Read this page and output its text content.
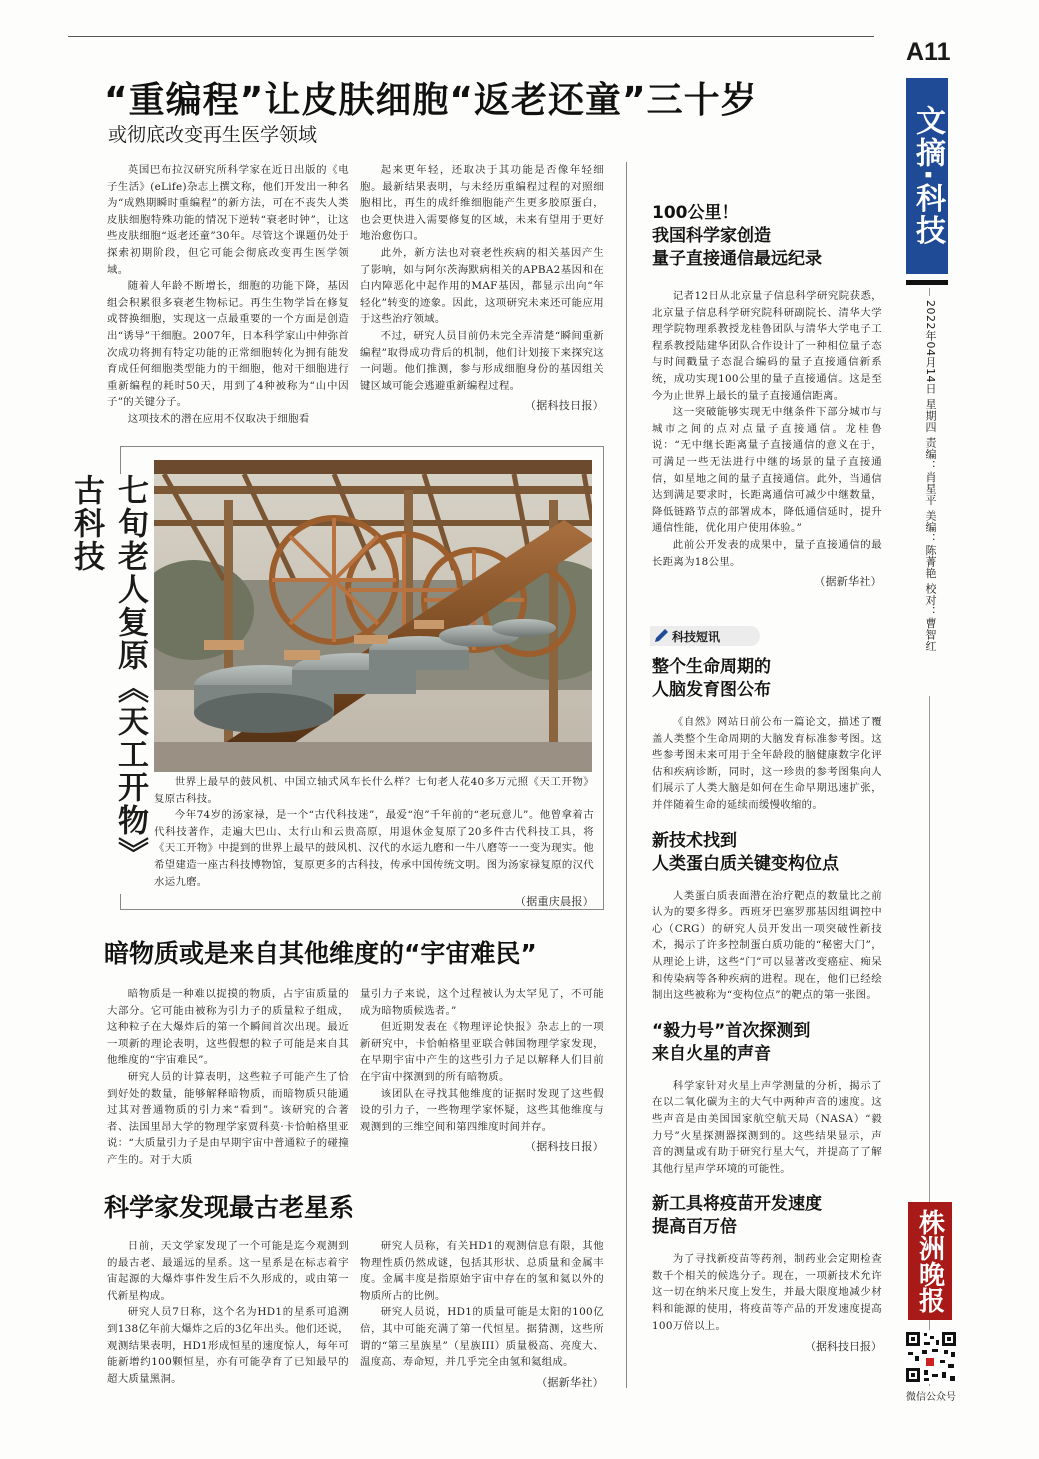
A11
文摘·科技
2022年04月14日 星期四 责编：肖星平 美编：陈菁艳 校对：曹智红
株洲晚报
微信公众号
“重编程”让皮肤细胞“返老还童”三十岁
或彻底改变再生医学领域

英国巴布拉汉研究所科学家在近日出版的《电子生活》(eLife)杂志上撰文称，他们开发出一种名为“成熟期瞬时重编程”的新方法，可在不丧失人类皮肤细胞特殊功能的情况下逆转“衰老时钟”，让这些皮肤细胞“返老还童”30年。尽管这个课题仍处于探索初期阶段，但它可能会彻底改变再生医学领域。

随着人年龄不断增长，细胞的功能下降，基因组会积累很多衰老生物标记。再生生物学旨在修复或替换细胞，实现这一点最重要的一个方面是创造出“诱导”干细胞。2007年，日本科学家山中伸弥首次成功将拥有特定功能的正常细胞转化为拥有能发育成任何细胞类型能力的干细胞，他对干细胞进行重新编程的耗时50天，用到了4种被称为“山中因子”的关键分子。

这项技术的潜在应用不仅取决于细胞看

起来更年轻，还取决于其功能是否像年轻细胞。最新结果表明，与未经历重编程过程的对照细胞相比，再生的成纤维细胞能产生更多胶原蛋白，也会更快进入需要修复的区域，未来有望用于更好地治愈伤口。

此外，新方法也对衰老性疾病的相关基因产生了影响，如与阿尔茨海默病相关的APBA2基因和在白内障恶化中起作用的MAF基因，都显示出向“年轻化”转变的迹象。因此，这项研究未来还可能应用于这些治疗领域。

不过，研究人员目前仍未完全弄清楚“瞬间重新编程”取得成功背后的机制，他们计划接下来探究这一问题。他们推测，参与形成细胞身份的基因组关键区域可能会逃避重新编程过程。

（据科技日报）
七旬老人复原《天工开物》古科技

世界上最早的鼓风机、中国立轴式风车长什么样？七旬老人花40多万元照《天工开物》复原古科技。

今年74岁的汤家禄，是一个“古代科技迷”，最爱“泡”千年前的“老玩意儿”。他曾拿着古代科技著作，走遍大巴山、太行山和云贵高原，用退休金复原了20多件古代科技工具，将《天工开物》中提到的世界上最早的鼓风机、汉代的水运九磨和一牛八磨等一一变为现实。他希望建造一座古科技博物馆，复原更多的古科技，传承中国传统文明。图为汤家禄复原的汉代水运九磨。

（据重庆晨报）
暗物质或是来自其他维度的“宇宙难民”

暗物质是一种难以捉摸的物质，占宇宙质量的大部分。它可能由被称为引力子的质量粒子组成，这种粒子在大爆炸后的第一个瞬间首次出现。最近一项新的理论表明，这些假想的粒子可能是来自其他维度的“宇宙难民”。

研究人员的计算表明，这些粒子可能产生了恰到好处的数量，能够解释暗物质，而暗物质只能通过其对普通物质的引力来“看到”。该研究的合著者、法国里昂大学的物理学家贾科莫·卡恰帕格里亚说：“大质量引力子是由早期宇宙中普通粒子的碰撞产生的。对于大质

量引力子来说，这个过程被认为太罕见了，不可能成为暗物质候选者。”

但近期发表在《物理评论快报》杂志上的一项新研究中，卡恰帕格里亚联合韩国物理学家发现，在早期宇宙中产生的这些引力子足以解释人们目前在宇宙中探测到的所有暗物质。

该团队在寻找其他维度的证据时发现了这些假设的引力子，一些物理学家怀疑，这些其他维度与观测到的三维空间和第四维度时间并存。

（据科技日报）
科学家发现最古老星系

日前，天文学家发现了一个可能是迄今观测到的最古老、最遥远的星系。这一星系是在标志着宇宙起源的大爆炸事件发生后不久形成的，或由第一代新星构成。

研究人员7日称，这个名为HD1的星系可追溯到138亿年前大爆炸之后的3亿年出头。他们还说，观测结果表明，HD1形成恒星的速度惊人，每年可能新增约100颗恒星，亦有可能孕育了已知最早的超大质量黑洞。

研究人员称，有关HD1的观测信息有限，其他物理性质仍然成谜，包括其形状、总质量和金属丰度。金属丰度是指原始宇宙中存在的氢和氦以外的物质所占的比例。

研究人员说，HD1的质量可能是太阳的100亿倍，其中可能充满了第一代恒星。据猜测，这些所谓的“第三星族星”（星族III）质量极高、亮度大、温度高、寿命短，并几乎完全由氢和氦组成。

（据新华社）
100公里！
我国科学家创造
量子直接通信最远纪录

记者12日从北京量子信息科学研究院获悉，北京量子信息科学研究院科研副院长、清华大学理学院物理系教授龙桂鲁团队与清华大学电子工程系教授陆建华团队合作设计了一种相位量子态与时间戳量子态混合编码的量子直接通信新系统，成功实现100公里的量子直接通信。这是至今为止世界上最长的量子直接通信距离。

这一突破能够实现无中继条件下部分城市与城市之间的点对点量子直接通信。龙桂鲁说：“无中继长距离量子直接通信的意义在于，可满足一些无法进行中继的场景的量子直接通信，如星地之间的量子直接通信。此外，当通信达到满足要求时，长距离通信可减少中继数量，降低链路节点的部署成本，降低通信延时，提升通信性能，优化用户使用体验。”

此前公开发表的成果中，量子直接通信的最长距离为18公里。

（据新华社）
科技短讯
整个生命周期的
人脑发育图公布

《自然》网站日前公布一篇论文，描述了覆盖人类整个生命周期的大脑发育标准参考图。这些参考图未来可用于全年龄段的脑健康数字化评估和疾病诊断，同时，这一珍贵的参考图集向人们展示了人类大脑是如何在生命早期迅速扩张，并伴随着生命的延续而缓慢收缩的。

新技术找到
人类蛋白质关键变构位点

人类蛋白质表面潜在治疗靶点的数量比之前认为的要多得多。西班牙巴塞罗那基因组调控中心（CRG）的研究人员开发出一项突破性新技术，揭示了许多控制蛋白质功能的“秘密大门”，从理论上讲，这些“门”可以显著改变癌症、痴呆和传染病等各种疾病的进程。现在，他们已经绘制出这些被称为“变构位点”的靶点的第一张图。

“毅力号”首次探测到
来自火星的声音

科学家针对火星上声学测量的分析，揭示了在以二氧化碳为主的大气中两种声音的速度。这些声音是由美国国家航空航天局（NASA）“毅力号”火星探测器探测到的。这些结果显示，声音的测量或有助于研究行星大气，并提高了了解其他行星声学环境的可能性。

新工具将疫苗开发速度
提高百万倍

为了寻找新疫苗等药剂，制药业会定期检查数千个相关的候选分子。现在，一项新技术允许这一切在纳米尺度上发生，并最大限度地减少材料和能源的使用，将疫苗等产品的开发速度提高100万倍以上。

（据科技日报）
